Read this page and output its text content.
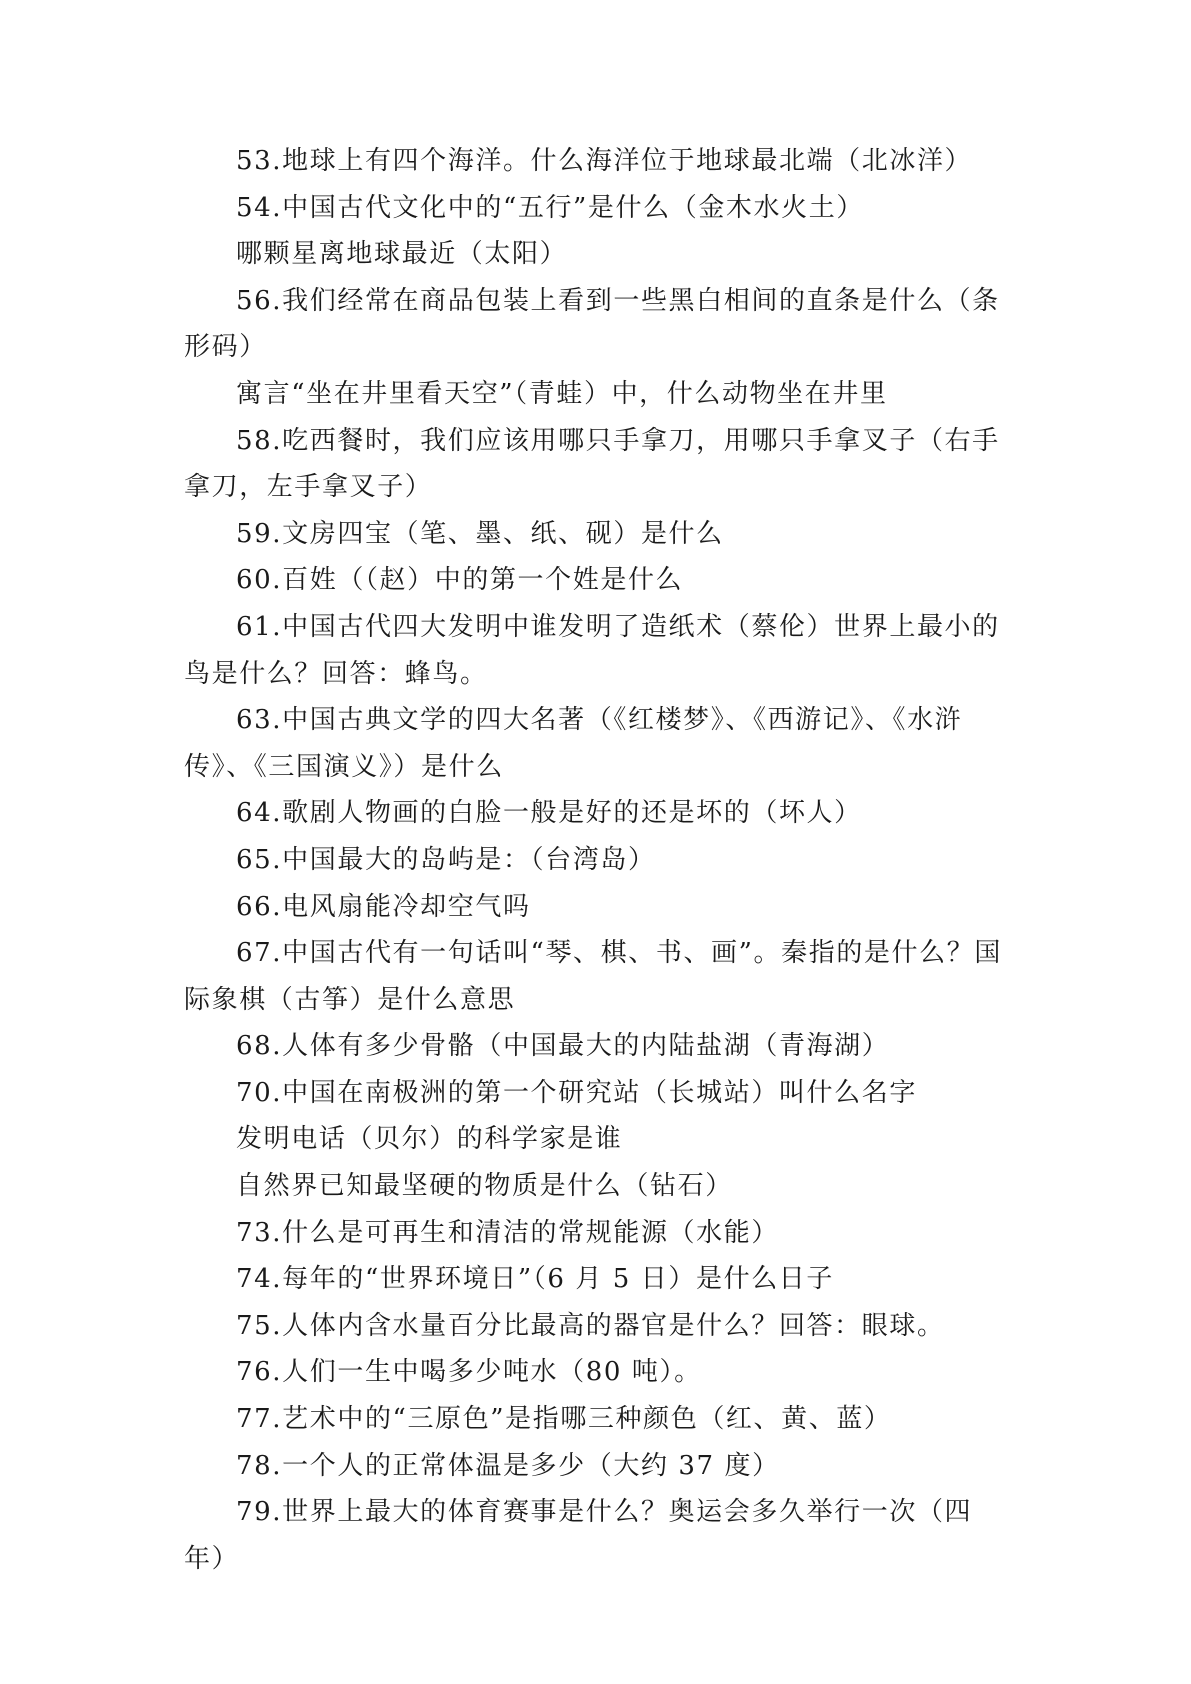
53.地球上有四个海洋。什么海洋位于地球最北端（北冰洋）

54.中国古代文化中的“五行”是什么（金木水火土）

哪颗星离地球最近（太阳）

56.我们经常在商品包装上看到一些黑白相间的直条是什么（条形码）

寓言“坐在井里看天空”（青蛙）中，什么动物坐在井里

58.吃西餐时，我们应该用哪只手拿刀，用哪只手拿叉子（右手拿刀，左手拿叉子）

59.文房四宝（笔、墨、纸、砚）是什么

60.百姓（（赵）中的第一个姓是什么

61.中国古代四大发明中谁发明了造纸术（蔡伦）世界上最小的鸟是什么？回答：蜂鸟。

63.中国古典文学的四大名著（《红楼梦》、《西游记》、《水浒传》、《三国演义》）是什么

64.歌剧人物画的白脸一般是好的还是坏的（坏人）

65.中国最大的岛屿是：（台湾岛）

66.电风扇能冷却空气吗

67.中国古代有一句话叫“琴、棋、书、画”。秦指的是什么？国际象棋（古筝）是什么意思

68.人体有多少骨骼（中国最大的内陆盐湖（青海湖）

70.中国在南极洲的第一个研究站（长城站）叫什么名字

发明电话（贝尔）的科学家是谁

自然界已知最坚硬的物质是什么（钻石）

73.什么是可再生和清洁的常规能源（水能）

74.每年的“世界环境日”（6 月 5 日）是什么日子

75.人体内含水量百分比最高的器官是什么？回答：眼球。

76.人们一生中喝多少吨水（80 吨）。

77.艺术中的“三原色”是指哪三种颜色（红、黄、蓝）

78.一个人的正常体温是多少（大约 37 度）

79.世界上最大的体育赛事是什么？奥运会多久举行一次（四年）
